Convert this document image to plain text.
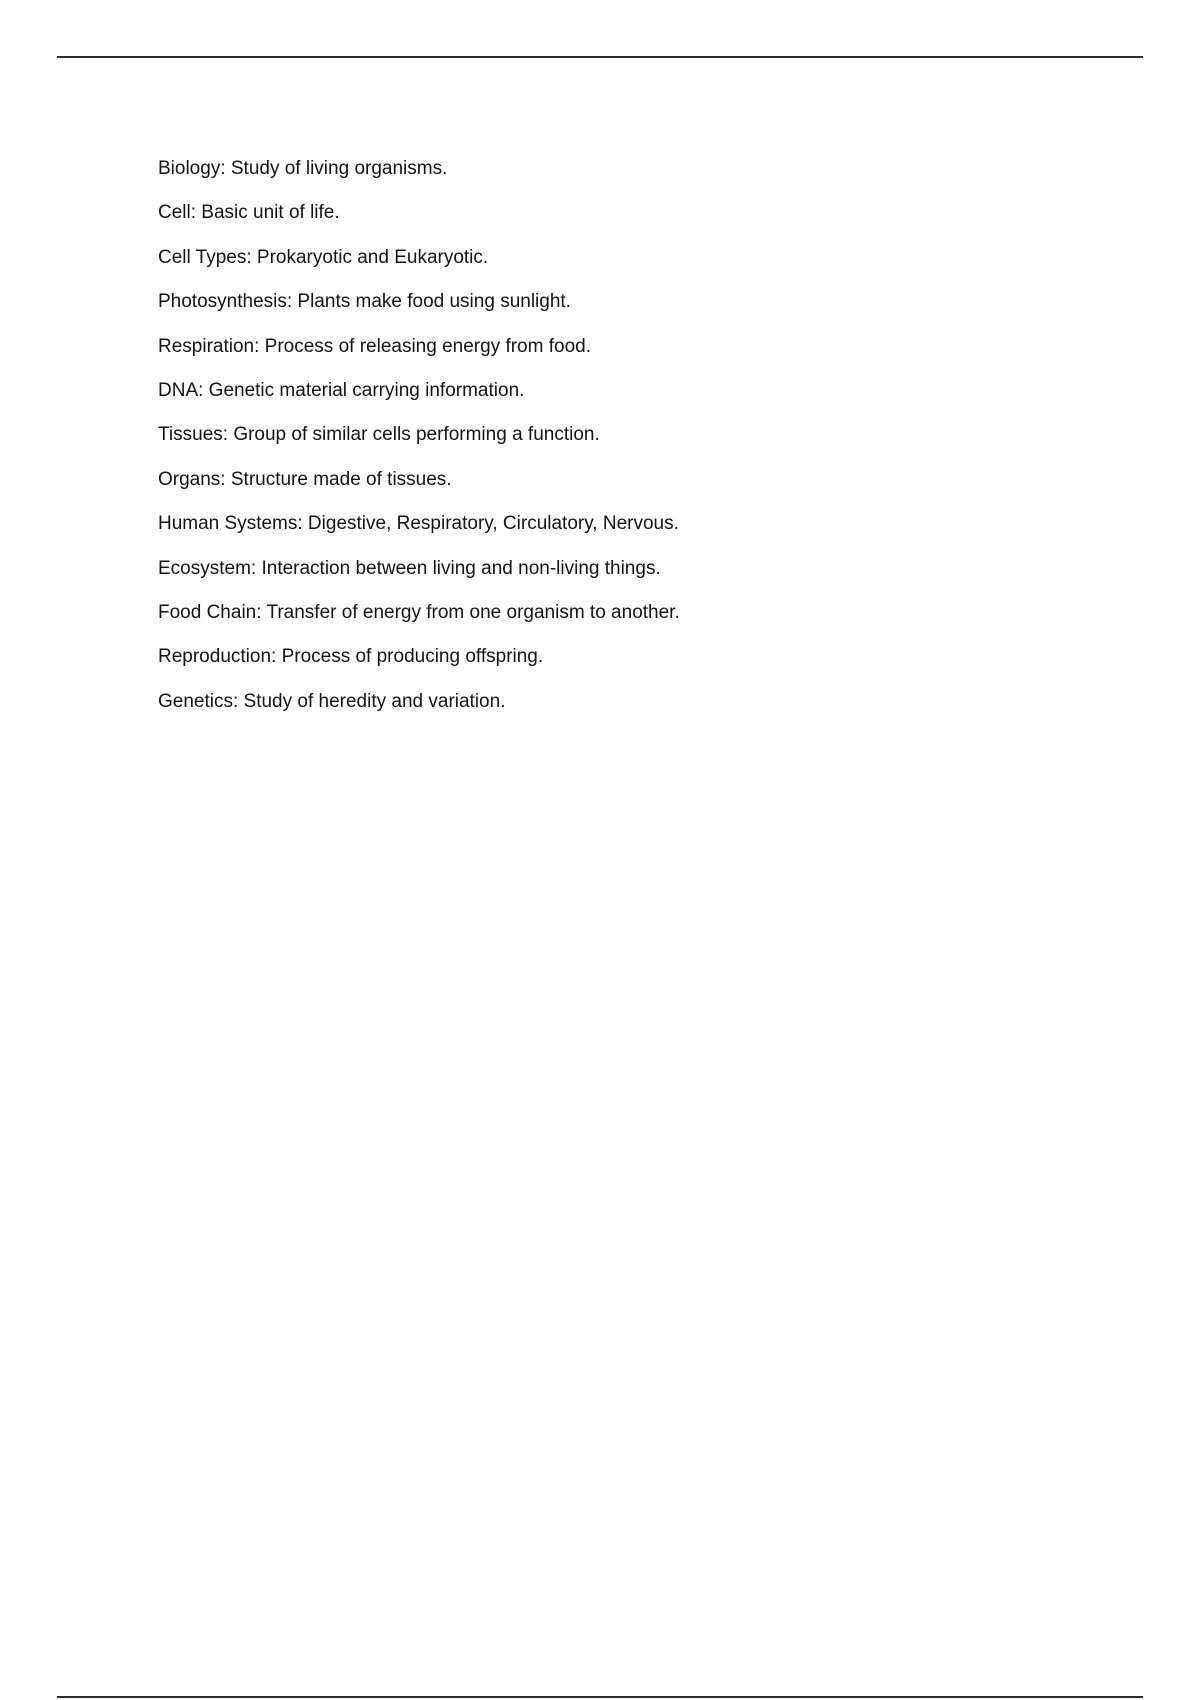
Biology: Study of living organisms.

Cell: Basic unit of life.

Cell Types: Prokaryotic and Eukaryotic.

Photosynthesis: Plants make food using sunlight.

Respiration: Process of releasing energy from food.

DNA: Genetic material carrying information.

Tissues: Group of similar cells performing a function.

Organs: Structure made of tissues.

Human Systems: Digestive, Respiratory, Circulatory, Nervous.

Ecosystem: Interaction between living and non-living things.

Food Chain: Transfer of energy from one organism to another.

Reproduction: Process of producing offspring.

Genetics: Study of heredity and variation.
